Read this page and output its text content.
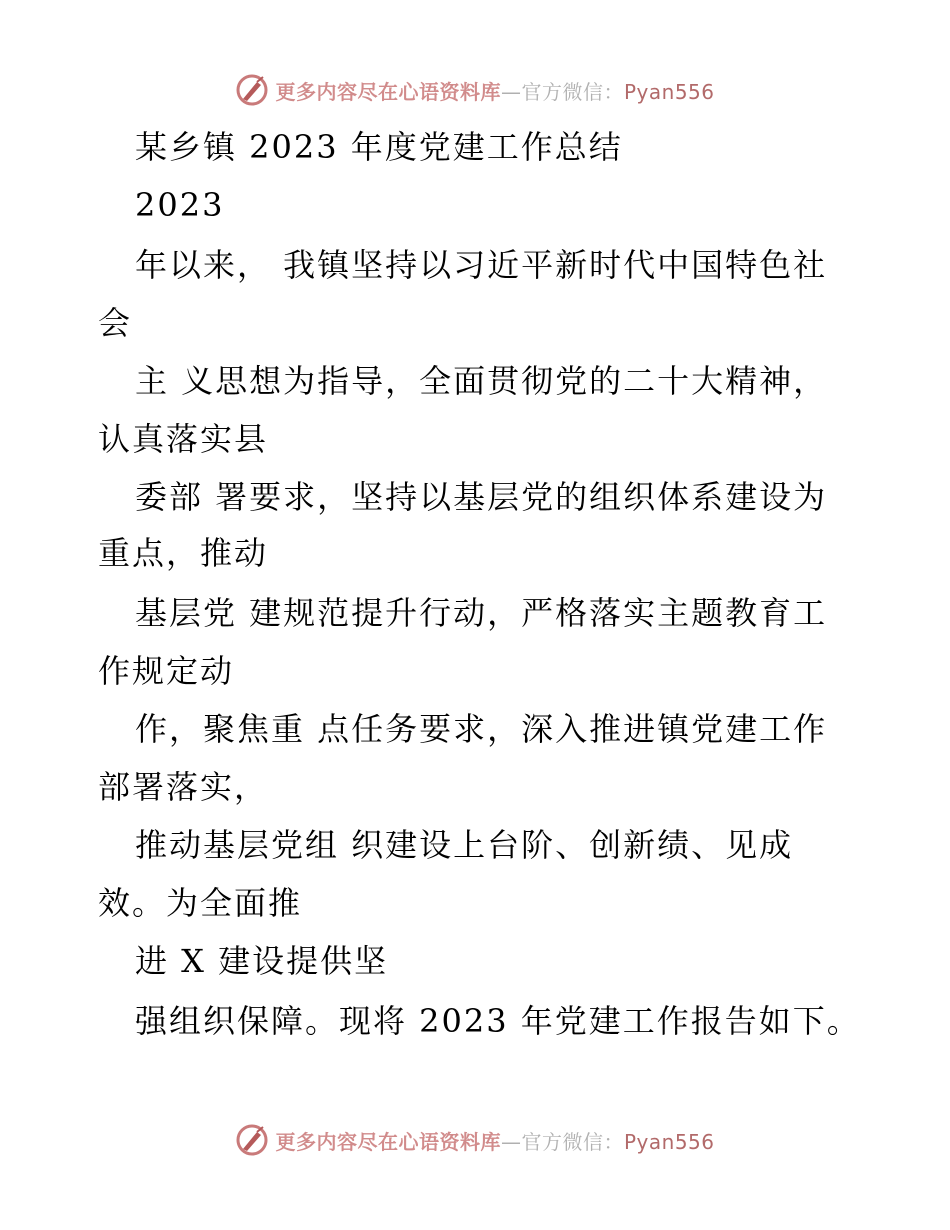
更多内容尽在心语资料库—官方微信：Pyan556
某乡镇 2023 年度党建工作总结
2023
年以来， 我镇坚持以习近平新时代中国特色社
会
主 义思想为指导，全面贯彻党的二十大精神，
认真落实县
委部 署要求，坚持以基层党的组织体系建设为
重点，推动
基层党 建规范提升行动，严格落实主题教育工
作规定动
作，聚焦重 点任务要求，深入推进镇党建工作
部署落实，
推动基层党组 织建设上台阶、创新绩、见成
效。为全面推
进 X 建设提供坚
强组织保障。现将 2023 年党建工作报告如下。
更多内容尽在心语资料库—官方微信：Pyan556
